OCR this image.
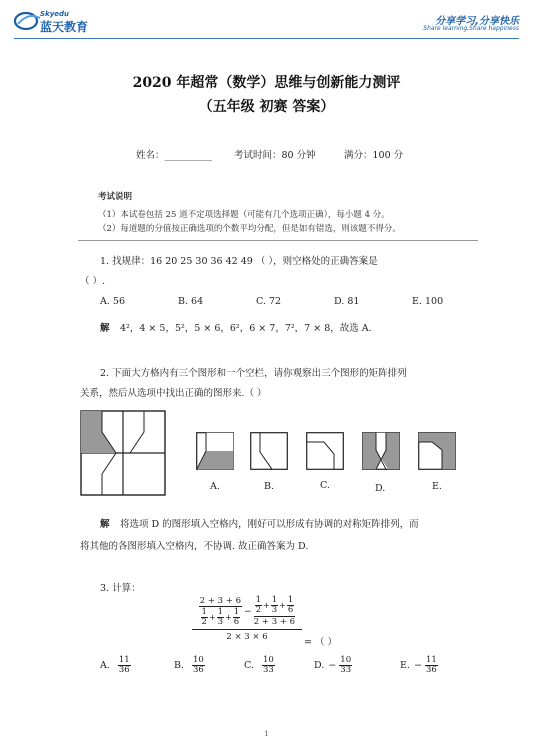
Skyedu
蓝天教育	分享学习,分享快乐
Share learning,Share happiness
2020 年超常（数学）思维与创新能力测评
（五年级 初赛 答案）
姓名：__________ 考试时间：80 分钟	满分：100 分
考试说明
（1）本试卷包括 25 道不定项选择题（可能有几个选项正确），每小题 4 分。
（2）每道题的分值按正确选项的个数平均分配，但是如有错选，则该题不得分。
1. 找规律：16 20 25 30 36 42 49 （ ），则空格处的正确答案是
（ ）.
A. 56	B. 64	C. 72	D. 81	E. 100
解 4²，4 × 5，5²，5 × 6，6²，6 × 7，7²，7 × 8，故选 A.
2. 下面大方格内有三个图形和一个空栏，请你观察出三个图形的矩阵排列
关系，然后从选项中找出正确的图形来.（ ）
A.	B.	C.	D.	E.
解 将选项 D 的图形填入空格内，刚好可以形成有协调的对称矩阵排列，而
将其他的各图形填入空格内，不协调. 故正确答案为 D.
3. 计算：
2 + 3 + 6
$\frac{1}{2} + \frac{1}{3} + \frac{1}{6} - \frac{\frac{1}{2} + \frac{1}{3} + \frac{1}{6}}{2 + 3 + 6}$
2 × 3 × 6	= （ ）
A. $\frac{11}{36}$	B. $\frac{10}{36}$	C. $\frac{10}{33}$	D. − $\frac{10}{33}$	E. − $\frac{11}{36}$
1
